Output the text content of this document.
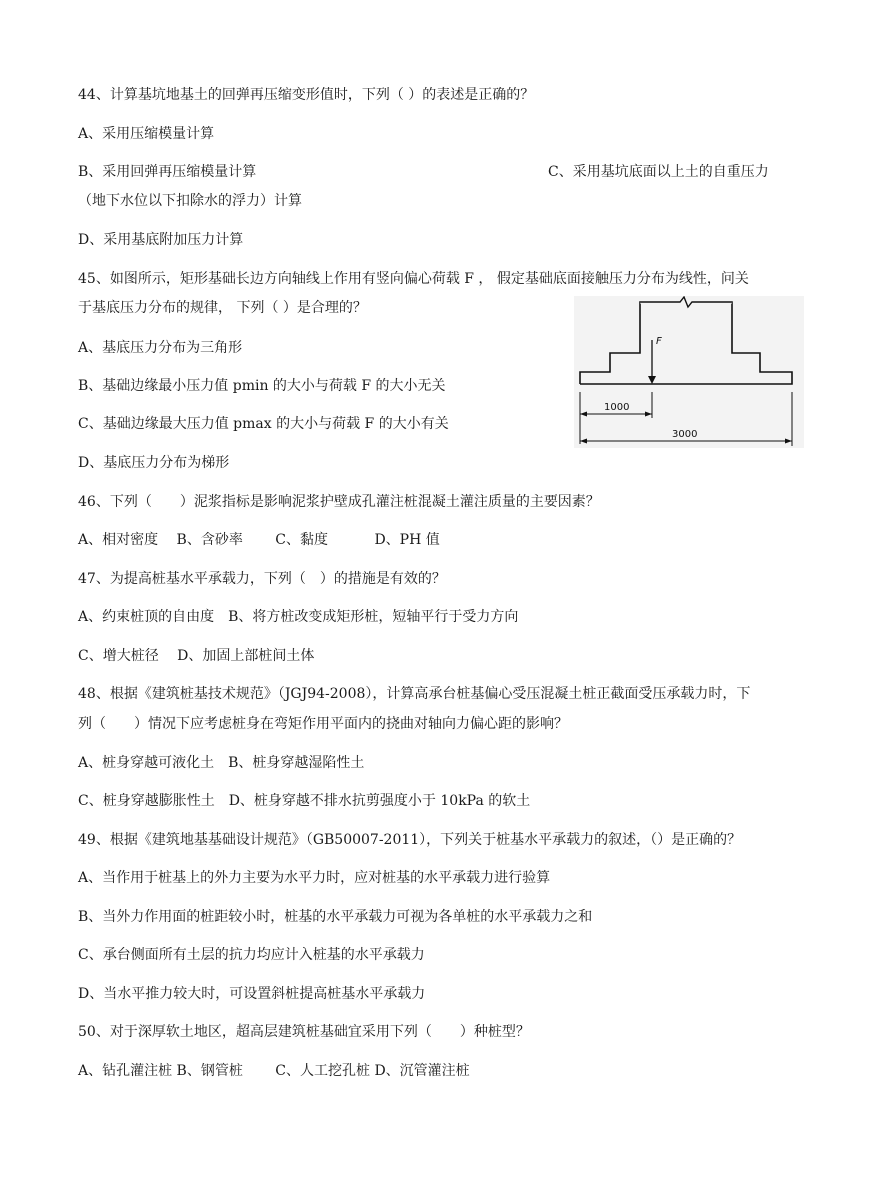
44、计算基坑地基土的回弹再压缩变形值时，下列（ ）的表述是正确的？
A、采用压缩模量计算
B、采用回弹再压缩模量计算	C、采用基坑底面以上土的自重压力
（地下水位以下扣除水的浮力）计算
D、采用基底附加压力计算
45、如图所示，矩形基础长边方向轴线上作用有竖向偏心荷载 F ， 假定基础底面接触压力分布为线性，问关
于基底压力分布的规律， 下列（ ）是合理的？
A、基底压力分布为三角形
B、基础边缘最小压力值 pmin 的大小与荷载 F 的大小无关
C、基础边缘最大压力值 pmax 的大小与荷载 F 的大小有关
D、基底压力分布为梯形
F
1000
3000
46、下列（　　）泥浆指标是影响泥浆护壁成孔灌注桩混凝土灌注质量的主要因素？
A、相对密度　 B、含砂率　　 C、黏度　　　 D、PH 值
47、为提高桩基水平承载力，下列（　）的措施是有效的？
A、约束桩顶的自由度　B、将方桩改变成矩形桩，短轴平行于受力方向
C、增大桩径　 D、加固上部桩间土体
48、根据《建筑桩基技术规范》（JGJ94-2008），计算高承台桩基偏心受压混凝土桩正截面受压承载力时，下
列（　　）情况下应考虑桩身在弯矩作用平面内的挠曲对轴向力偏心距的影响？
A、桩身穿越可液化土　B、桩身穿越湿陷性土
C、桩身穿越膨胀性土　D、桩身穿越不排水抗剪强度小于 10kPa 的软土
49、根据《建筑地基基础设计规范》（GB50007-2011），下列关于桩基水平承载力的叙述，（）是正确的？
A、当作用于桩基上的外力主要为水平力时，应对桩基的水平承载力进行验算
B、当外力作用面的桩距较小时，桩基的水平承载力可视为各单桩的水平承载力之和
C、承台侧面所有土层的抗力均应计入桩基的水平承载力
D、当水平推力较大时，可设置斜桩提高桩基水平承载力
50、对于深厚软土地区，超高层建筑桩基础宜采用下列（　　）种桩型？
A、钻孔灌注桩 B、钢管桩　　 C、人工挖孔桩 D、沉管灌注桩
